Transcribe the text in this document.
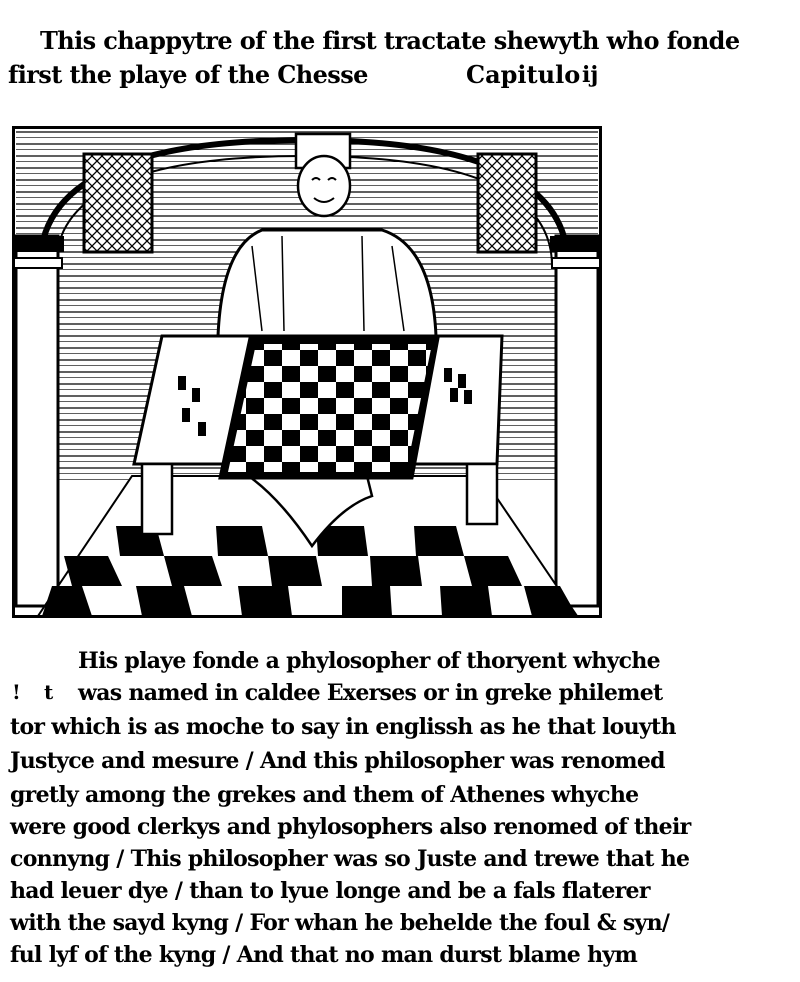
This chappytre of the first tractate shewyth who fonde
first the playe of the Chesse	Capitulo ij
His playe fonde a phylosopher of thoryent whyche
! t was named in caldee Exerses or in greke philemet
tor which is as moche to say in englissh as he that louyth
Justyce and mesure / And this philosopher was renomed
gretly among the grekes and them of Athenes whyche
were good clerkys and phylosophers also renomed of their
connyng / This philosopher was so Juste and trewe that he
had leuer dye / than to lyue longe and be a fals flaterer
with the sayd kyng / For whan he behelde the foul & syn/
ful lyf of the kyng / And that no man durst blame hym
